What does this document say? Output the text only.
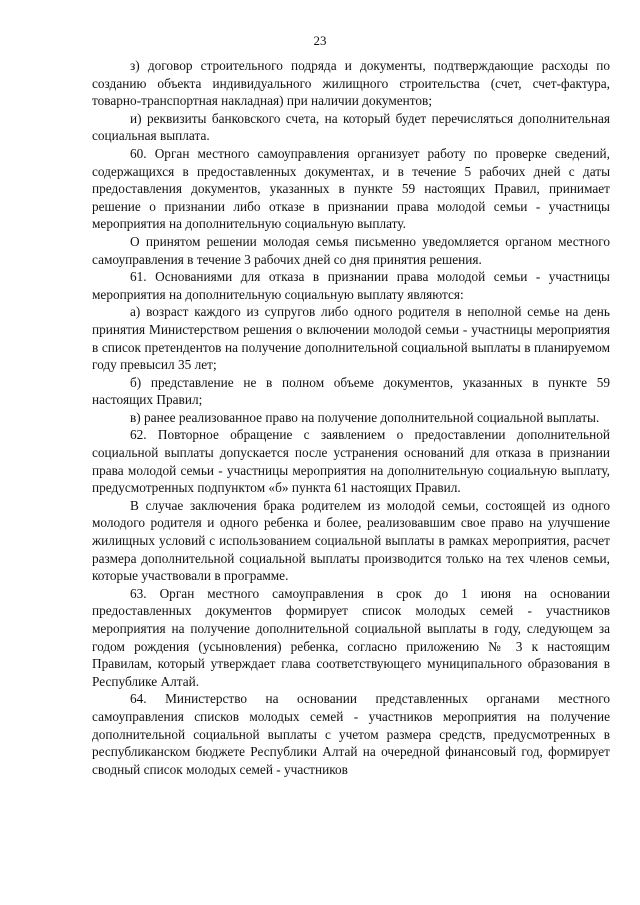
23

з) договор строительного подряда и документы, подтверждающие расходы по созданию объекта индивидуального жилищного строительства (счет, счет-фактура, товарно-транспортная накладная) при наличии документов;

и) реквизиты банковского счета, на который будет перечисляться дополнительная социальная выплата.

60. Орган местного самоуправления организует работу по проверке сведений, содержащихся в предоставленных документах, и в течение 5 рабочих дней с даты предоставления документов, указанных в пункте 59 настоящих Правил, принимает решение о признании либо отказе в признании права молодой семьи - участницы мероприятия на дополнительную социальную выплату.

О принятом решении молодая семья письменно уведомляется органом местного самоуправления в течение 3 рабочих дней со дня принятия решения.

61. Основаниями для отказа в признании права молодой семьи - участницы мероприятия на дополнительную социальную выплату являются:

а) возраст каждого из супругов либо одного родителя в неполной семье на день принятия Министерством решения о включении молодой семьи - участницы мероприятия в список претендентов на получение дополнительной социальной выплаты в планируемом году превысил 35 лет;

б) представление не в полном объеме документов, указанных в пункте 59 настоящих Правил;

в) ранее реализованное право на получение дополнительной социальной выплаты.

62. Повторное обращение с заявлением о предоставлении дополнительной социальной выплаты допускается после устранения оснований для отказа в признании права молодой семьи - участницы мероприятия на дополнительную социальную выплату, предусмотренных подпунктом «б» пункта 61 настоящих Правил.

В случае заключения брака родителем из молодой семьи, состоящей из одного молодого родителя и одного ребенка и более, реализовавшим свое право на улучшение жилищных условий с использованием социальной выплаты в рамках мероприятия, расчет размера дополнительной социальной выплаты производится только на тех членов семьи, которые участвовали в программе.

63. Орган местного самоуправления в срок до 1 июня на основании предоставленных документов формирует список молодых семей - участников мероприятия на получение дополнительной социальной выплаты в году, следующем за годом рождения (усыновления) ребенка, согласно приложению № 3 к настоящим Правилам, который утверждает глава соответствующего муниципального образования в Республике Алтай.

64. Министерство на основании представленных органами местного самоуправления списков молодых семей - участников мероприятия на получение дополнительной социальной выплаты с учетом размера средств, предусмотренных в республиканском бюджете Республики Алтай на очередной финансовый год, формирует сводный список молодых семей - участников
